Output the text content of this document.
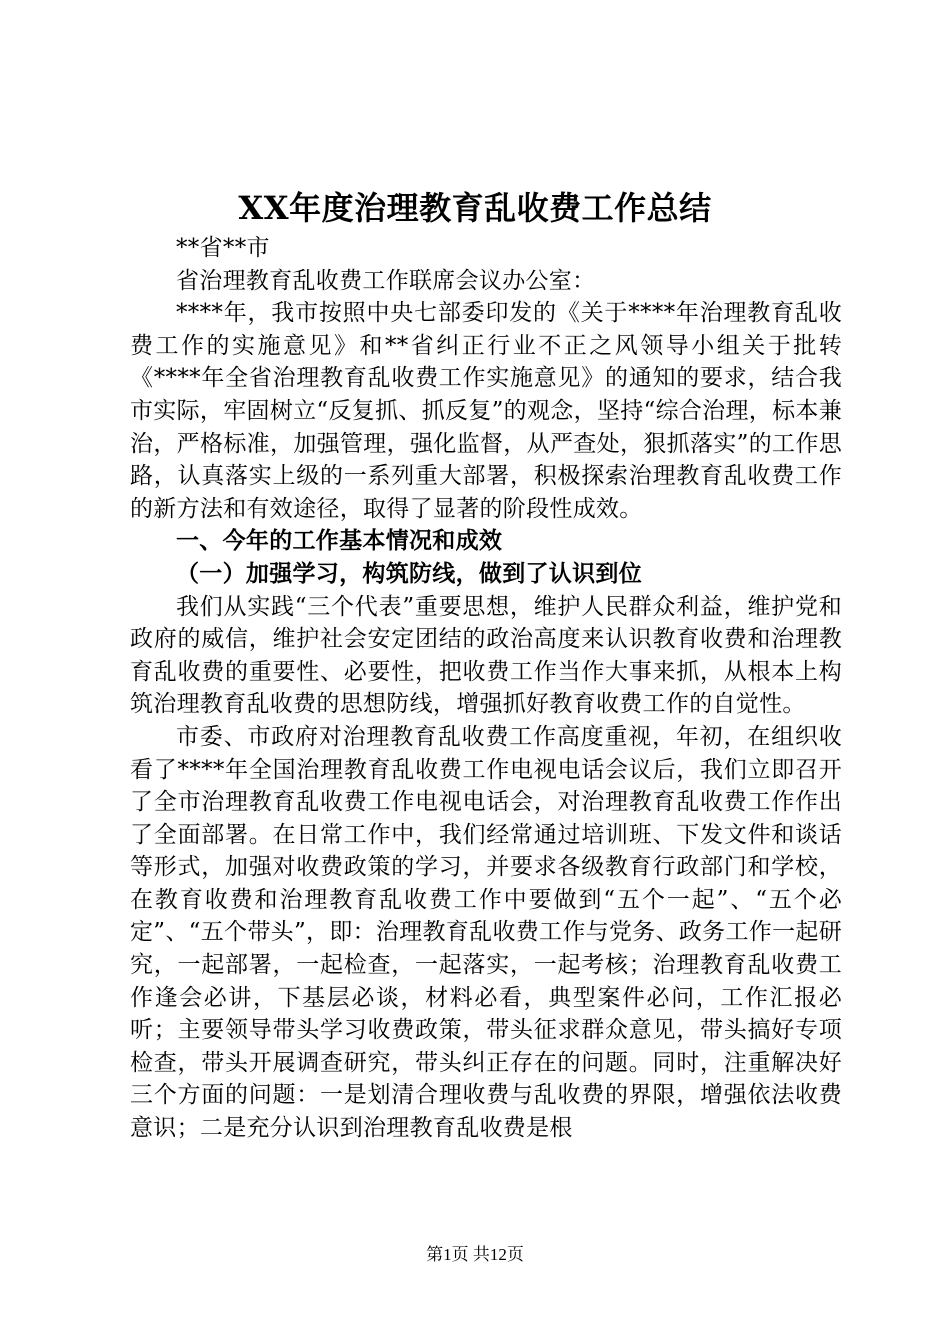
XX年度治理教育乱收费工作总结

**省**市

省治理教育乱收费工作联席会议办公室：

****年，我市按照中央七部委印发的《关于****年治理教育乱收费工作的实施意见》和**省纠正行业不正之风领导小组关于批转《****年全省治理教育乱收费工作实施意见》的通知的要求，结合我市实际，牢固树立“反复抓、抓反复”的观念，坚持“综合治理，标本兼治，严格标准，加强管理，强化监督，从严查处，狠抓落实”的工作思路，认真落实上级的一系列重大部署，积极探索治理教育乱收费工作的新方法和有效途径，取得了显著的阶段性成效。

一、今年的工作基本情况和成效

（一）加强学习，构筑防线，做到了认识到位

我们从实践“三个代表”重要思想，维护人民群众利益，维护党和政府的威信，维护社会安定团结的政治高度来认识教育收费和治理教育乱收费的重要性、必要性，把收费工作当作大事来抓，从根本上构筑治理教育乱收费的思想防线，增强抓好教育收费工作的自觉性。

市委、市政府对治理教育乱收费工作高度重视，年初，在组织收看了****年全国治理教育乱收费工作电视电话会议后，我们立即召开了全市治理教育乱收费工作电视电话会，对治理教育乱收费工作作出了全面部署。在日常工作中，我们经常通过培训班、下发文件和谈话等形式，加强对收费政策的学习，并要求各级教育行政部门和学校，在教育收费和治理教育乱收费工作中要做到“五个一起”、“五个必定”、“五个带头”，即：治理教育乱收费工作与党务、政务工作一起研究，一起部署，一起检查，一起落实，一起考核；治理教育乱收费工作逢会必讲，下基层必谈，材料必看，典型案件必问，工作汇报必听；主要领导带头学习收费政策，带头征求群众意见，带头搞好专项检查，带头开展调查研究，带头纠正存在的问题。同时，注重解决好三个方面的问题：一是划清合理收费与乱收费的界限，增强依法收费意识；二是充分认识到治理教育乱收费是根

第1页 共12页
